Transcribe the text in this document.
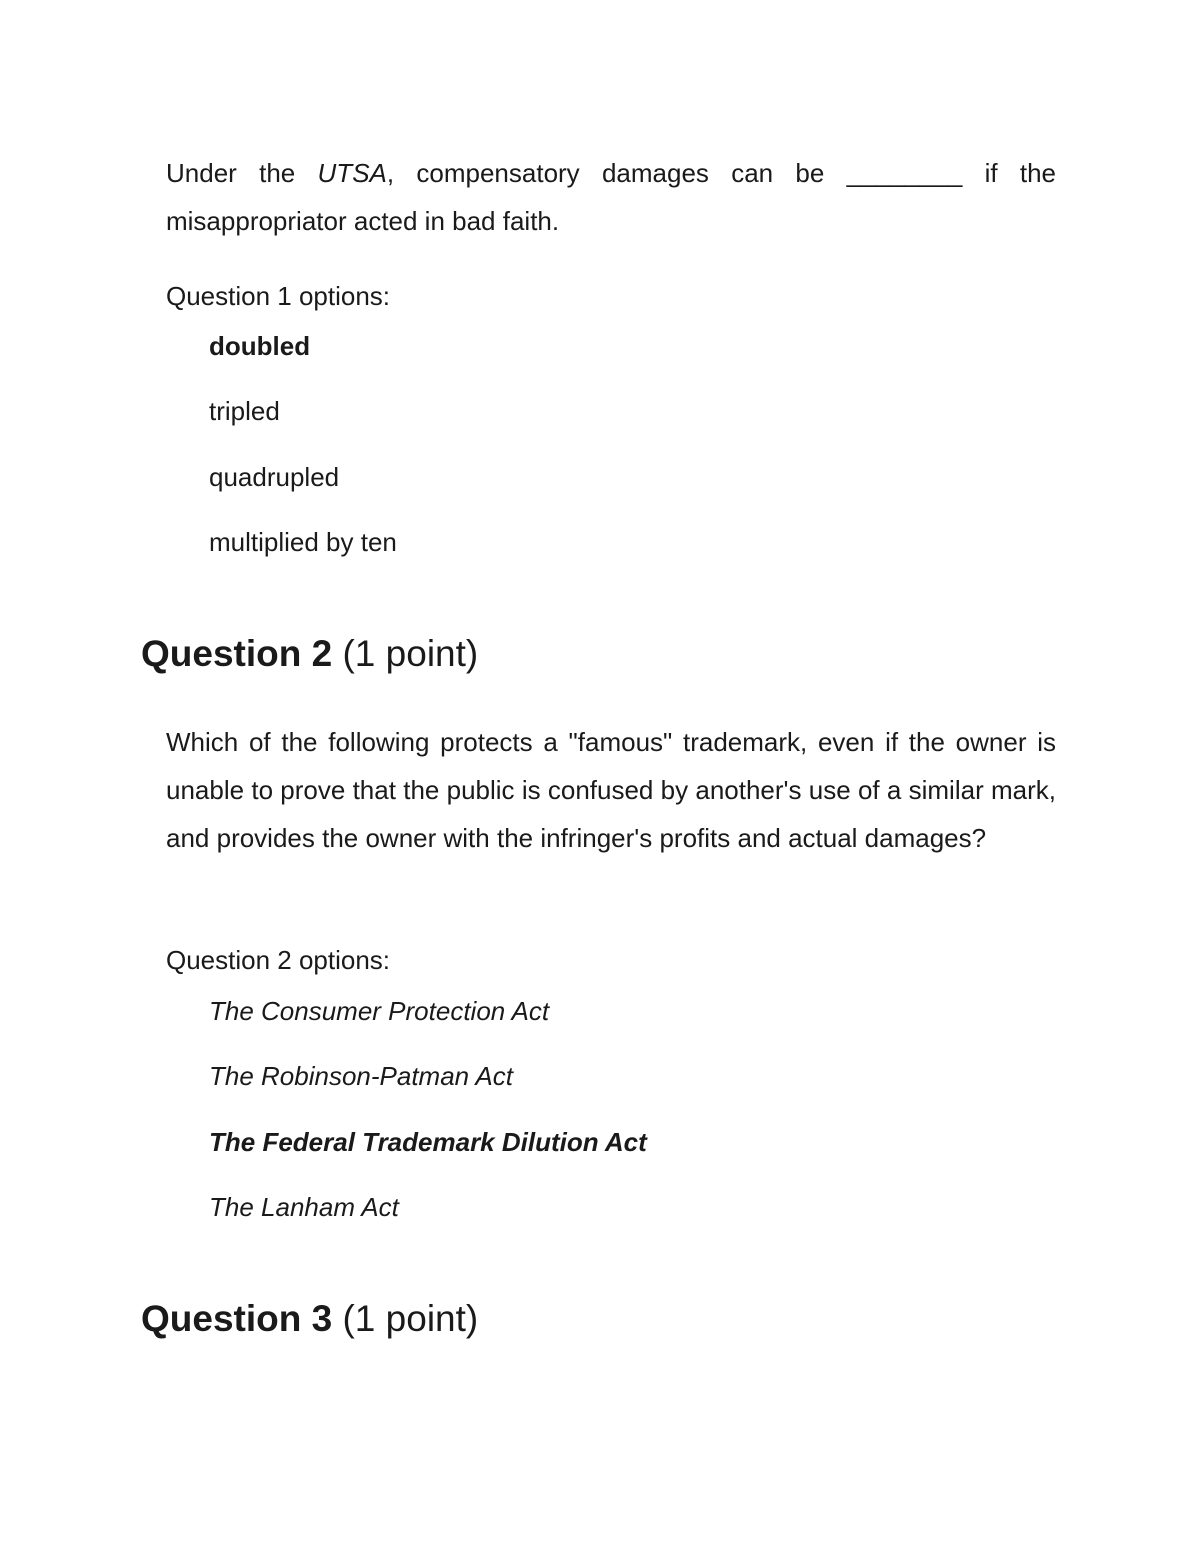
Under the UTSA, compensatory damages can be ________ if the misappropriator acted in bad faith.

Question 1 options:

doubled

tripled

quadrupled

multiplied by ten

Question 2 (1 point)

Which of the following protects a "famous" trademark, even if the owner is unable to prove that the public is confused by another's use of a similar mark, and provides the owner with the infringer's profits and actual damages?

Question 2 options:

The Consumer Protection Act

The Robinson-Patman Act

The Federal Trademark Dilution Act

The Lanham Act

Question 3 (1 point)
